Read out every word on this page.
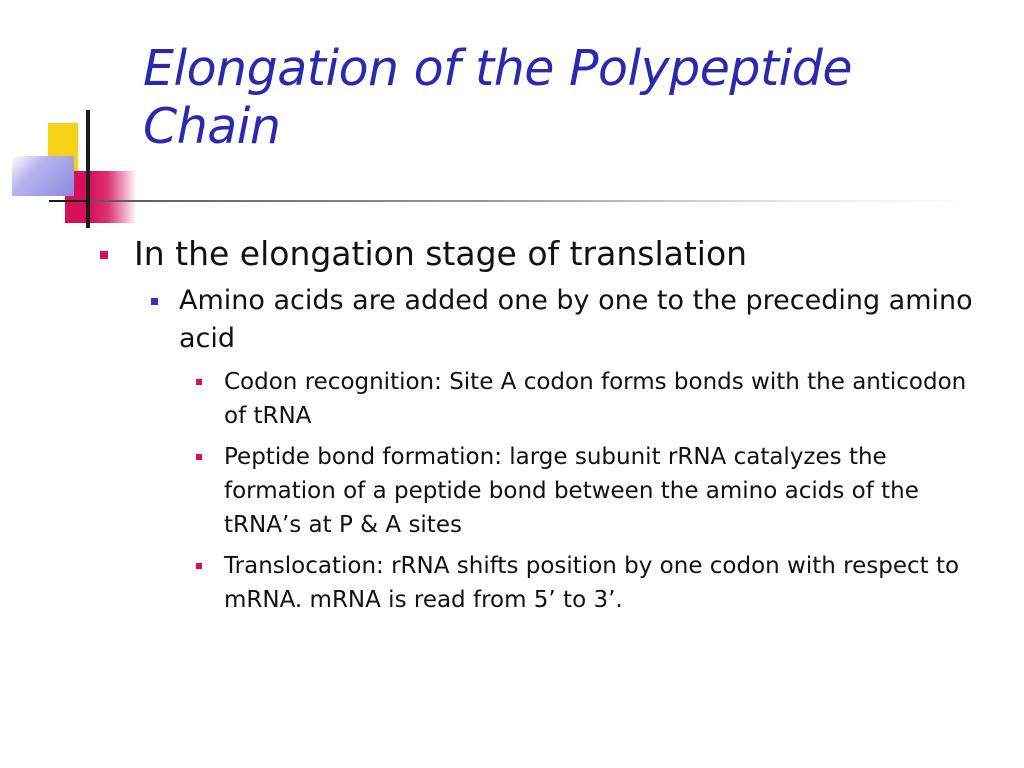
Elongation of the Polypeptide Chain
In the elongation stage of translation
Amino acids are added one by one to the preceding amino acid
Codon recognition: Site A codon forms bonds with the anticodon of tRNA
Peptide bond formation: large subunit rRNA catalyzes the formation of a peptide bond between the amino acids of the tRNA’s at P & A sites
Translocation: rRNA shifts position by one codon with respect to mRNA. mRNA is read from 5’ to 3’.
